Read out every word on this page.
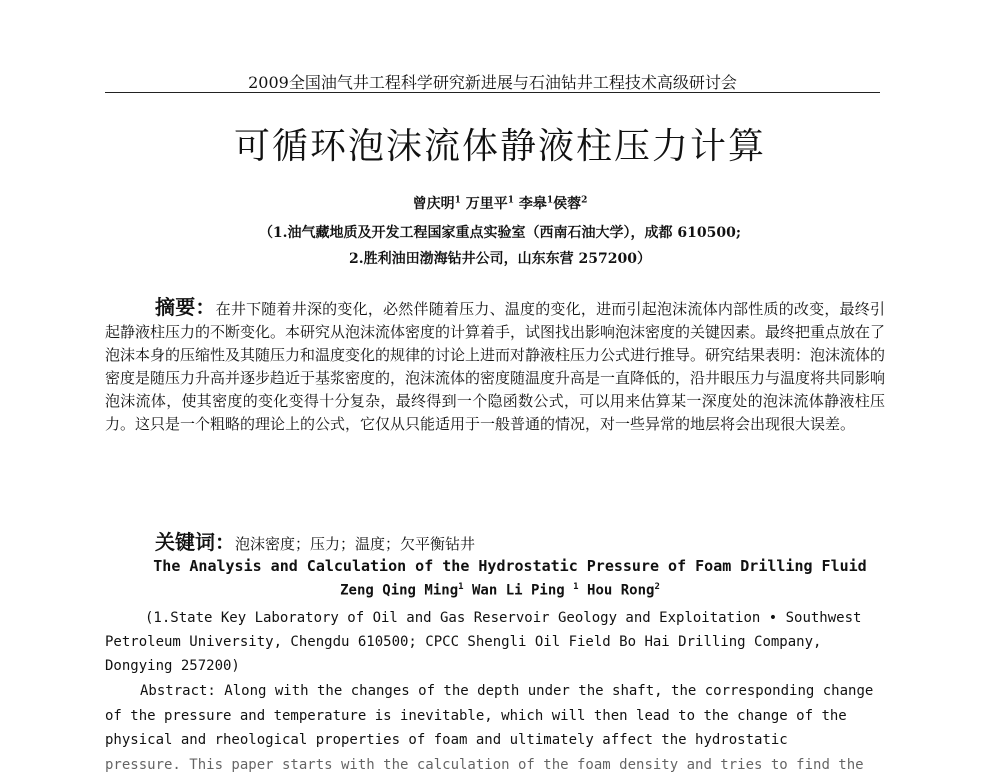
2009全国油气井工程科学研究新进展与石油钻井工程技术高级研讨会
可循环泡沫流体静液柱压力计算
曾庆明$^1$ 万里平$^1$ 李皋$^1$侯蓉$^2$
（1.油气藏地质及开发工程国家重点实验室（西南石油大学），成都 610500;
2.胜利油田渤海钻井公司，山东东营 257200）
摘要：在井下随着井深的变化，必然伴随着压力、温度的变化，进而引起泡沫流体内部性质的改变，最终引起静液柱压力的不断变化。本研究从泡沫流体密度的计算着手，试图找出影响泡沫密度的关键因素。最终把重点放在了泡沫本身的压缩性及其随压力和温度变化的规律的讨论上进而对静液柱压力公式进行推导。研究结果表明：泡沫流体的密度是随压力升高并逐步趋近于基浆密度的，泡沫流体的密度随温度升高是一直降低的，沿井眼压力与温度将共同影响泡沫流体，使其密度的变化变得十分复杂，最终得到一个隐函数公式，可以用来估算某一深度处的泡沫流体静液柱压力。这只是一个粗略的理论上的公式，它仅从只能适用于一般普通的情况，对一些异常的地层将会出现很大误差。
关键词：泡沫密度；压力；温度；欠平衡钻井
The Analysis and Calculation of the Hydrostatic Pressure of Foam Drilling Fluid
Zeng Qing Ming$^1$ Wan Li Ping $^1$ Hou Rong$^2$
(1.State Key Laboratory of Oil and Gas Reservoir Geology and Exploitation • Southwest
Petroleum University, Chengdu 610500; CPCC Shengli Oil Field Bo Hai Drilling Company,
Dongying 257200)
Abstract: Along with the changes of the depth under the shaft, the corresponding change
of the pressure and temperature is inevitable, which will then lead to the change of the
physical and rheological properties of foam and ultimately affect the hydrostatic
pressure. This paper starts with the calculation of the foam density and tries to find the
